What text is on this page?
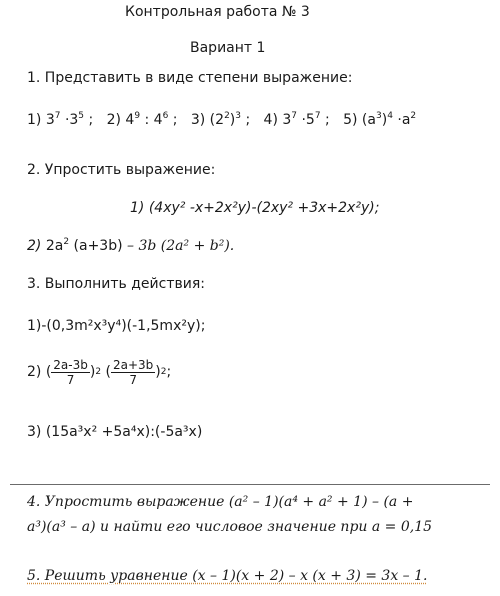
Контрольная работа № 3
Вариант 1
1. Представить в виде степени выражение:
1) $3^7 \cdot 3^5$ ; 2) $4^9$ : $4^6$ ; 3) $(2^2)^3$ ; 4) $3^7 \cdot 5^7$ ; 5) $(a^3)^4 \cdot a^2$
2. Упростить выражение:
1) (4xy² -x+2x²y)-(2xy² +3x+2x²y);
2) $2a^2$ (a+3b) – 3b (2a² + b²).
3. Выполнить действия:
1)-(0,3m²x³y⁴)(-1,5mx²y);
2) ( $\frac{2a-3b}{7}$ ) 2 ( $\frac{2a+3b}{7}$ ) 2 ;
3) (15a³x² +5a⁴x):(-5a³x)
4. Упростить выражение (a² – 1)(a⁴ + a² + 1) – (a +
a³)(a³ – a) и найти его числовое значение при a = 0,15
5. Решить уравнение (x – 1)(x + 2) – x (x + 3) = 3x – 1.
